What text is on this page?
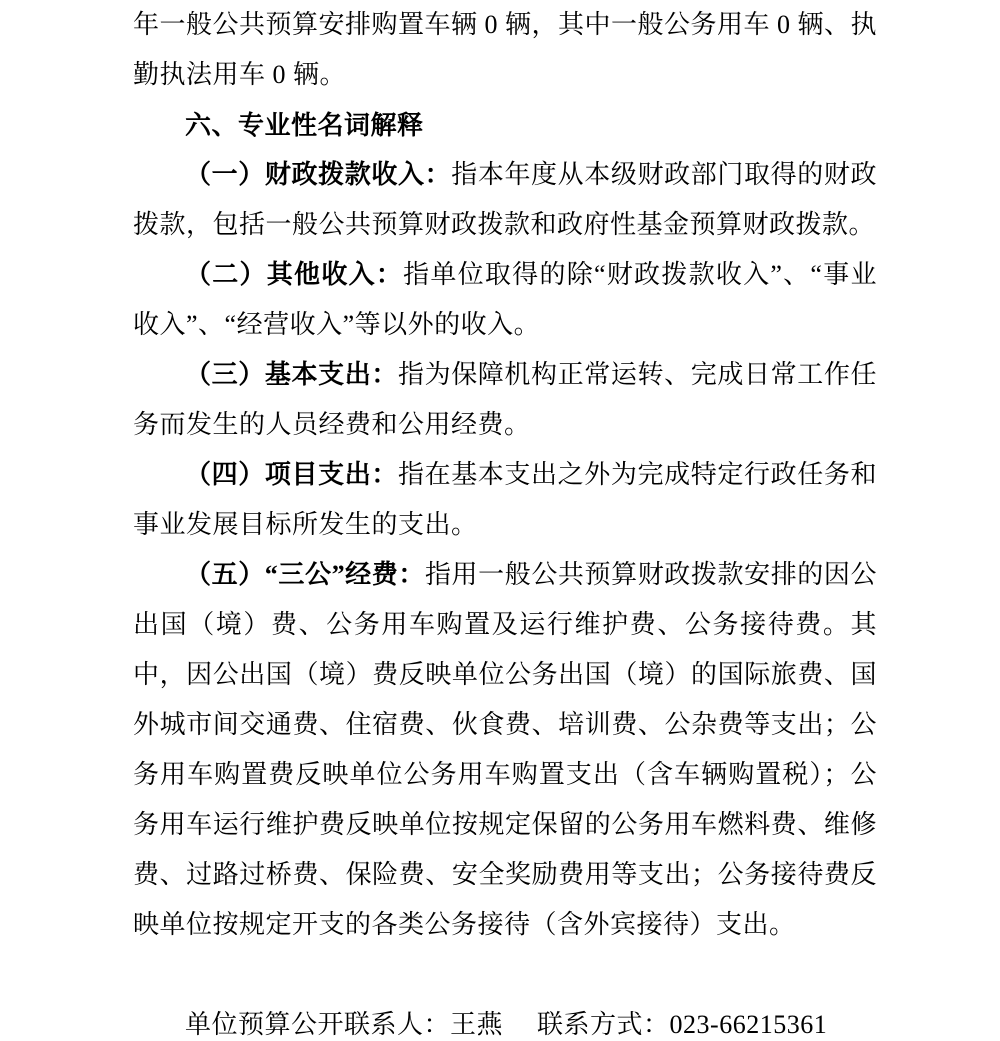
年一般公共预算安排购置车辆 0 辆，其中一般公务用车 0 辆、执勤执法用车 0 辆。

六、专业性名词解释

（一）财政拨款收入：指本年度从本级财政部门取得的财政拨款，包括一般公共预算财政拨款和政府性基金预算财政拨款。

（二）其他收入：指单位取得的除“财政拨款收入”、“事业收入”、“经营收入”等以外的收入。

（三）基本支出：指为保障机构正常运转、完成日常工作任务而发生的人员经费和公用经费。

（四）项目支出：指在基本支出之外为完成特定行政任务和事业发展目标所发生的支出。

（五）“三公”经费：指用一般公共预算财政拨款安排的因公出国（境）费、公务用车购置及运行维护费、公务接待费。其中，因公出国（境）费反映单位公务出国（境）的国际旅费、国外城市间交通费、住宿费、伙食费、培训费、公杂费等支出；公务用车购置费反映单位公务用车购置支出（含车辆购置税）；公务用车运行维护费反映单位按规定保留的公务用车燃料费、维修费、过路过桥费、保险费、安全奖励费用等支出；公务接待费反映单位按规定开支的各类公务接待（含外宾接待）支出。

单位预算公开联系人：王燕 联系方式：023-66215361
